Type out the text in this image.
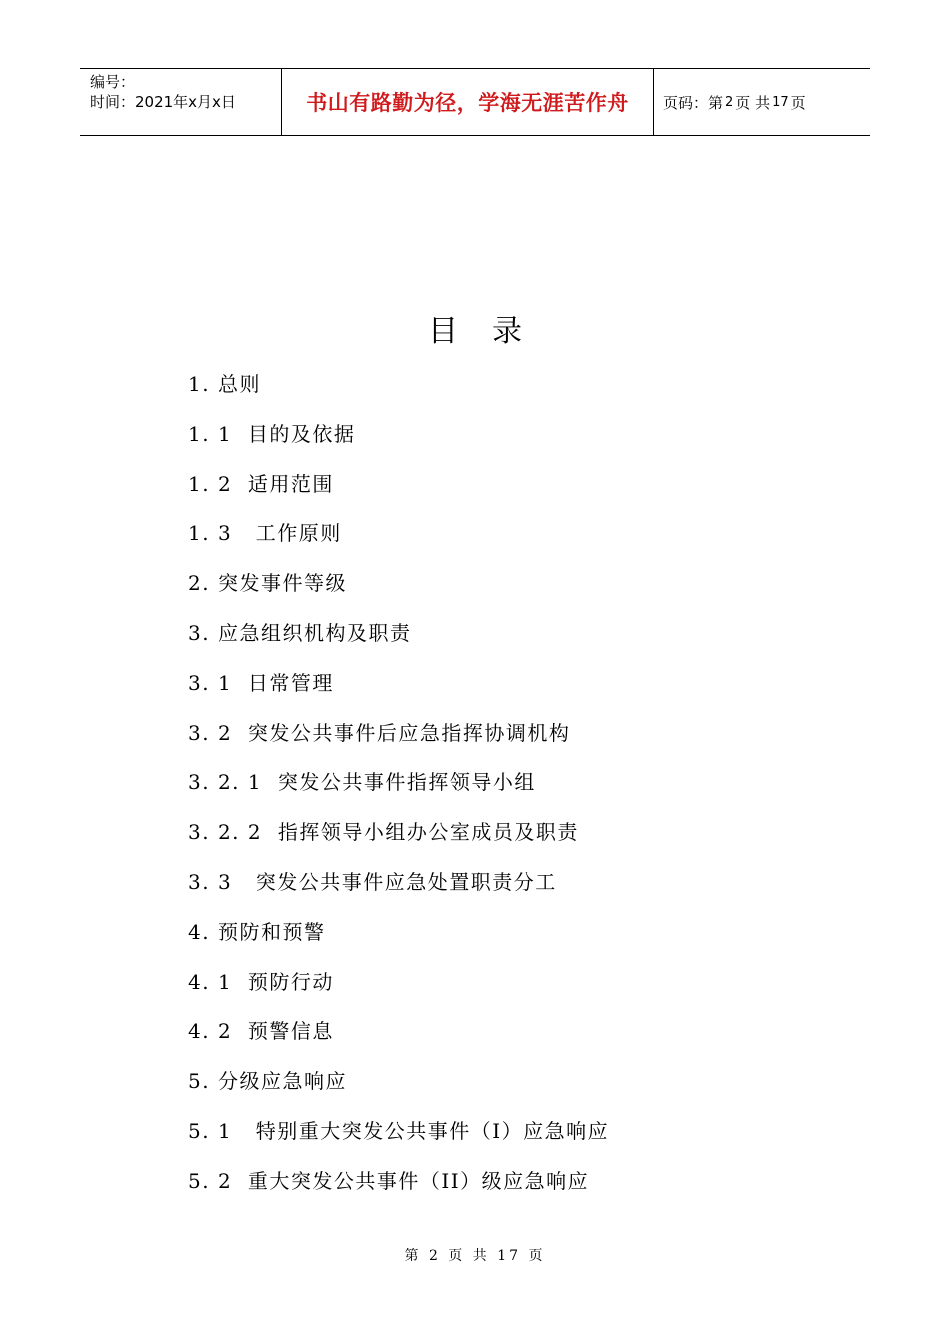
编号：
时间：2021年x月x日	书山有路勤为径，学海无涯苦作舟	页码：第 2 页 共 17 页
目录
1. 总则
1. 1  目的及依据
1. 2  适用范围
1. 3   工作原则
2. 突发事件等级
3. 应急组织机构及职责
3. 1  日常管理
3. 2  突发公共事件后应急指挥协调机构
3. 2. 1  突发公共事件指挥领导小组
3. 2. 2  指挥领导小组办公室成员及职责
3. 3   突发公共事件应急处置职责分工
4. 预防和预警
4. 1  预防行动
4. 2  预警信息
5. 分级应急响应
5. 1   特别重大突发公共事件（I）应急响应
5. 2  重大突发公共事件（II）级应急响应
第 2 页 共 17 页
